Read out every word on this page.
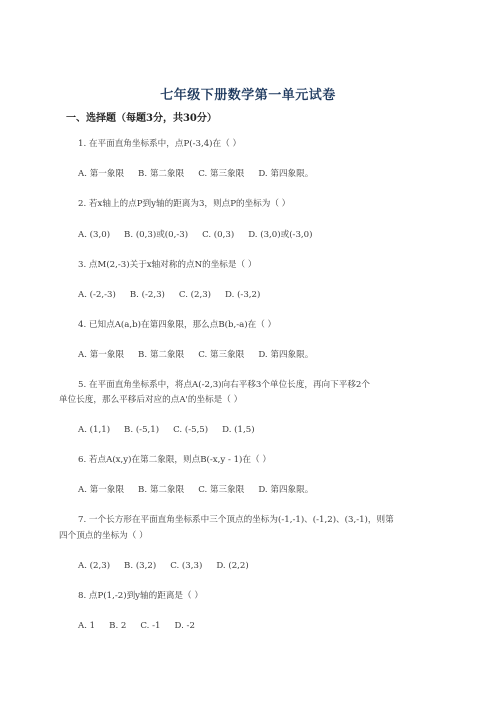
七年级下册数学第一单元试卷
一、选择题（每题3分，共30分）
1. 在平面直角坐标系中，点P(-3,4)在（ ）
A. 第一象限 B. 第二象限 C. 第三象限 D. 第四象限。
2. 若x轴上的点P到y轴的距离为3，则点P的坐标为（ ）
A. (3,0) B. (0,3)或(0,-3) C. (0,3) D. (3,0)或(-3,0)
3. 点M(2,-3)关于x轴对称的点N的坐标是（ ）
A. (-2,-3) B. (-2,3) C. (2,3) D. (-3,2)
4. 已知点A(a,b)在第四象限，那么点B(b,-a)在（ ）
A. 第一象限 B. 第二象限 C. 第三象限 D. 第四象限。
5. 在平面直角坐标系中，将点A(-2,3)向右平移3个单位长度，再向下平移2个
单位长度，那么平移后对应的点A'的坐标是（ ）
A. (1,1) B. (-5,1) C. (-5,5) D. (1,5)
6. 若点A(x,y)在第二象限，则点B(-x,y - 1)在（ ）
A. 第一象限 B. 第二象限 C. 第三象限 D. 第四象限。
7. 一个长方形在平面直角坐标系中三个顶点的坐标为(-1,-1)、(-1,2)、(3,-1)，则第
四个顶点的坐标为（ ）
A. (2,3) B. (3,2) C. (3,3) D. (2,2)
8. 点P(1,-2)到y轴的距离是（ ）
A. 1 B. 2 C. -1 D. -2
